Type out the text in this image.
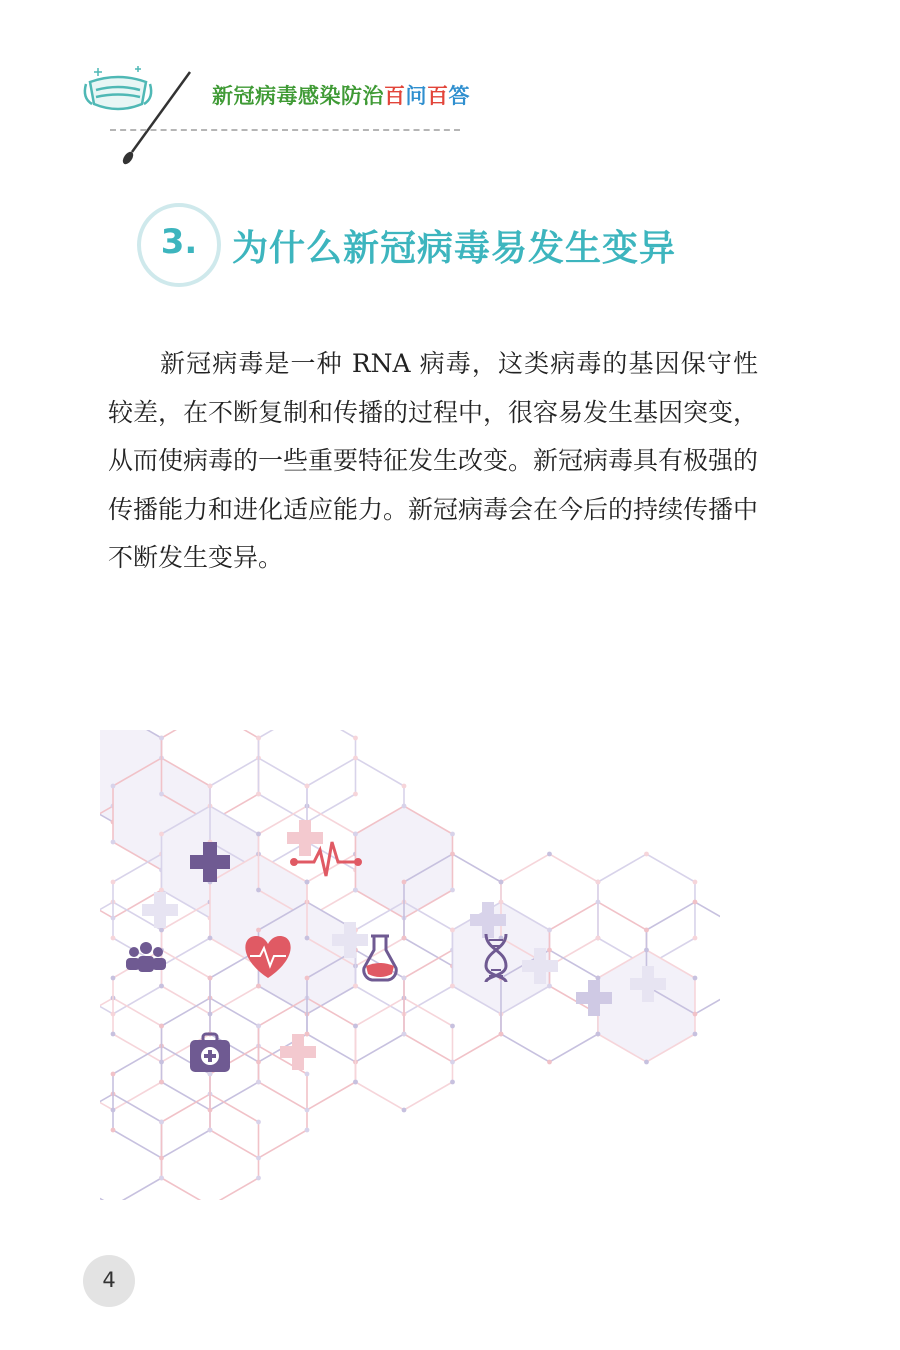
新冠病毒感染防治百问百答
3. 为什么新冠病毒易发生变异
新冠病毒是一种 RNA 病毒，这类病毒的基因保守性较差，在不断复制和传播的过程中，很容易发生基因突变，从而使病毒的一些重要特征发生改变。新冠病毒具有极强的传播能力和进化适应能力。新冠病毒会在今后的持续传播中不断发生变异。
4
